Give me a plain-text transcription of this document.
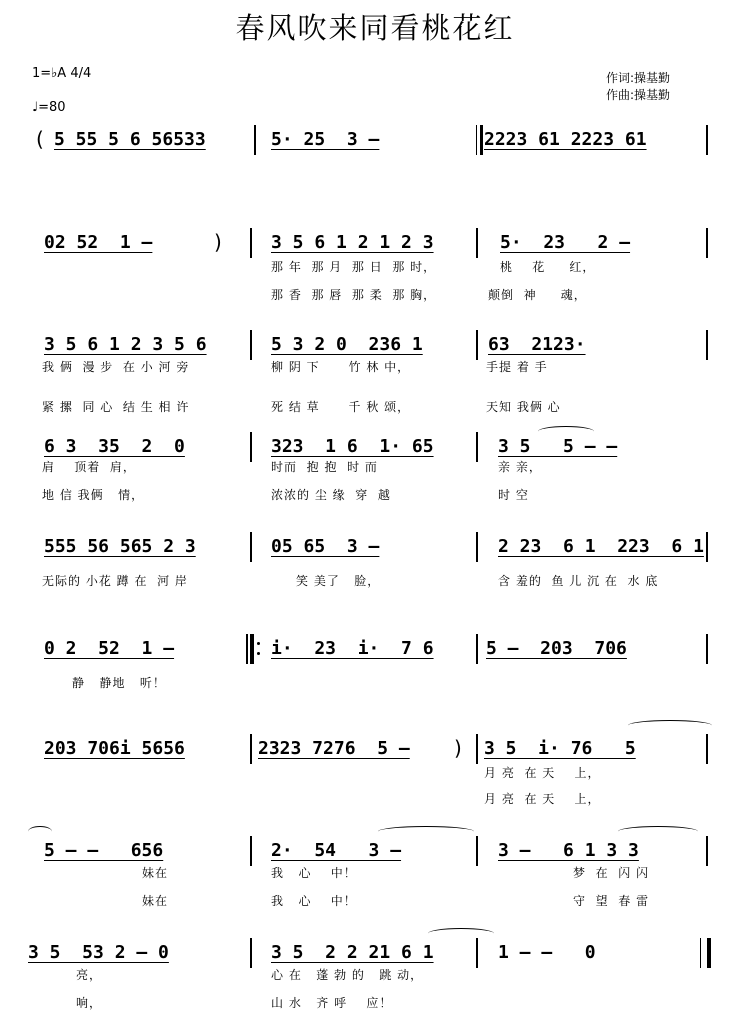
春风吹来同看桃花红
1=♭A 4/4
♩=80
作词:操基勤
作曲:操基勤
( 5 55 5 6 56533	5· 25  3 –	2223 61 2223 61
02 52  1 –	)	3 5 6 1 2 1 2 3	5·  23   2 –
那 年  那 月  那 日  那 时，	桃    花     红，
那 香  那 唇  那 柔  那 胸，	颠倒  神     魂，
3 5 6 1 2 3 5 6	5 3 2 0  236 1	63  2123·
我 俩  漫 步  在 小 河 旁	柳 阴 下      竹 林 中，	手提 着 手
紧 摞  同 心  结 生 相 许	死 结 草      千 秋 颂，	天知 我俩 心
6 3  35  2  0	323  1 6  1· 65	3 5   5 – –
肩    顶着  肩，	时而  抱 抱  时 而	亲 亲，
地 信 我俩   情，	浓浓的 尘 缘  穿  越	时 空
555 56 565 2 3	05 65  3 –	2 23  6 1  223  6 1
无际的 小花 蹲 在  河 岸	笑 美了   脸，	含 羞的  鱼 儿 沉 在  水 底
0 2  52  1 –	i·  23  i·  7 6	5 –  203  706
静   静地   听！
203 706i 5656	2323 7276  5 – ) 3 5  i· 76   5
月 亮  在 天    上，
月 亮  在 天    上，
5 – –   656	2·  54   3 –	3 –   6 1 3 3
妹在	我   心    中！	梦  在  闪 闪
妹在	我   心    中！	守  望  春 雷
3 5  53 2 – 0	3 5  2 2 21 6 1	1 – –   0
亮，	心 在   蓬 勃 的   跳 动，
响，	山 水   齐 呼    应！
